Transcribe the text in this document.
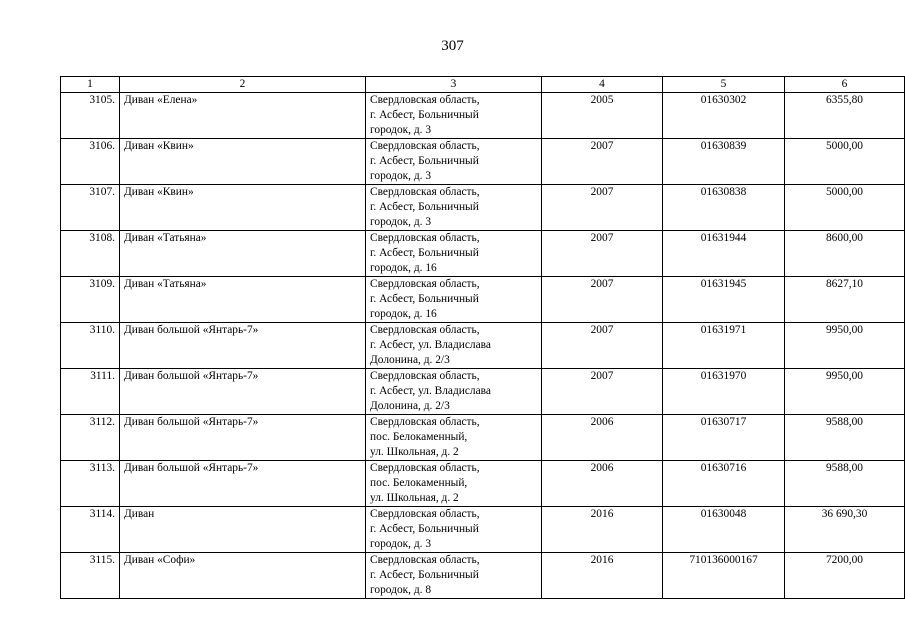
307
1	2	3	4	5	6
3105.	Диван «Елена»	Свердловская область,
г. Асбест, Больничный
городок, д. 3	2005	01630302	6355,80
3106.	Диван «Квин»	Свердловская область,
г. Асбест, Больничный
городок, д. 3	2007	01630839	5000,00
3107.	Диван «Квин»	Свердловская область,
г. Асбест, Больничный
городок, д. 3	2007	01630838	5000,00
3108.	Диван «Татьяна»	Свердловская область,
г. Асбест, Больничный
городок, д. 16	2007	01631944	8600,00
3109.	Диван «Татьяна»	Свердловская область,
г. Асбест, Больничный
городок, д. 16	2007	01631945	8627,10
3110.	Диван большой «Янтарь-7»	Свердловская область,
г. Асбест, ул. Владислава
Долонина, д. 2/3	2007	01631971	9950,00
3111.	Диван большой «Янтарь-7»	Свердловская область,
г. Асбест, ул. Владислава
Долонина, д. 2/3	2007	01631970	9950,00
3112.	Диван большой «Янтарь-7»	Свердловская область,
пос. Белокаменный,
ул. Школьная, д. 2	2006	01630717	9588,00
3113.	Диван большой «Янтарь-7»	Свердловская область,
пос. Белокаменный,
ул. Школьная, д. 2	2006	01630716	9588,00
3114.	Диван	Свердловская область,
г. Асбест, Больничный
городок, д. 3	2016	01630048	36 690,30
3115.	Диван «Софи»	Свердловская область,
г. Асбест, Больничный
городок, д. 8	2016	710136000167	7200,00
